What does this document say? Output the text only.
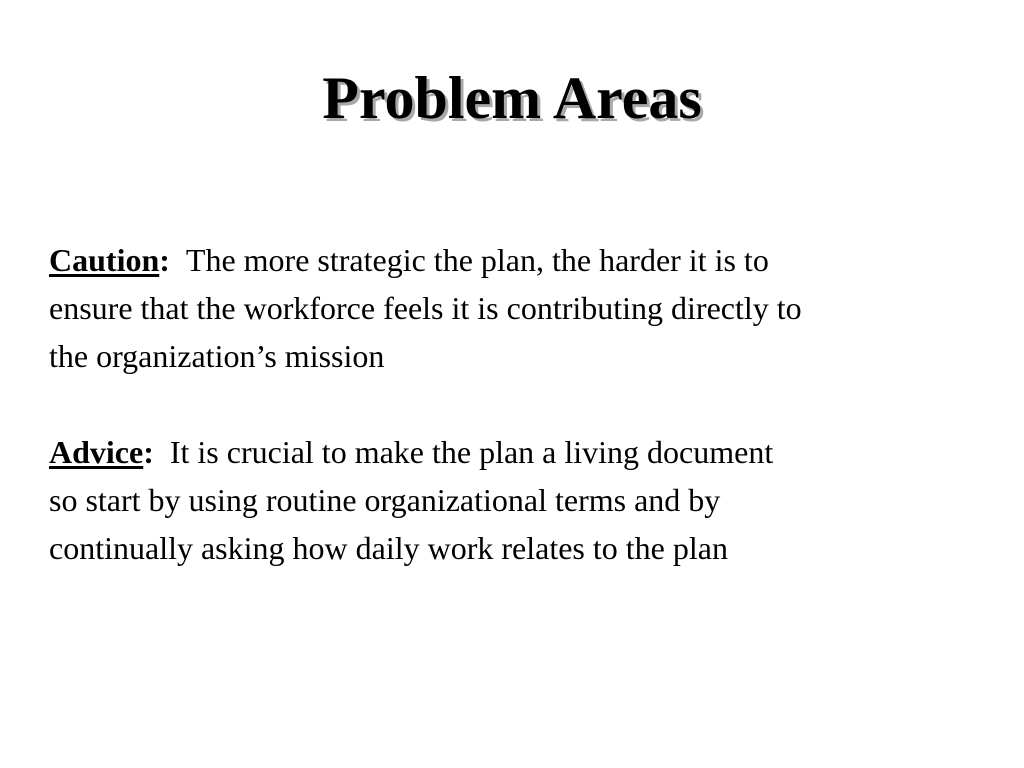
Problem Areas

Caution: The more strategic the plan, the harder it is to
ensure that the workforce feels it is contributing directly to
the organization’s mission

Advice: It is crucial to make the plan a living document
so start by using routine organizational terms and by
continually asking how daily work relates to the plan
